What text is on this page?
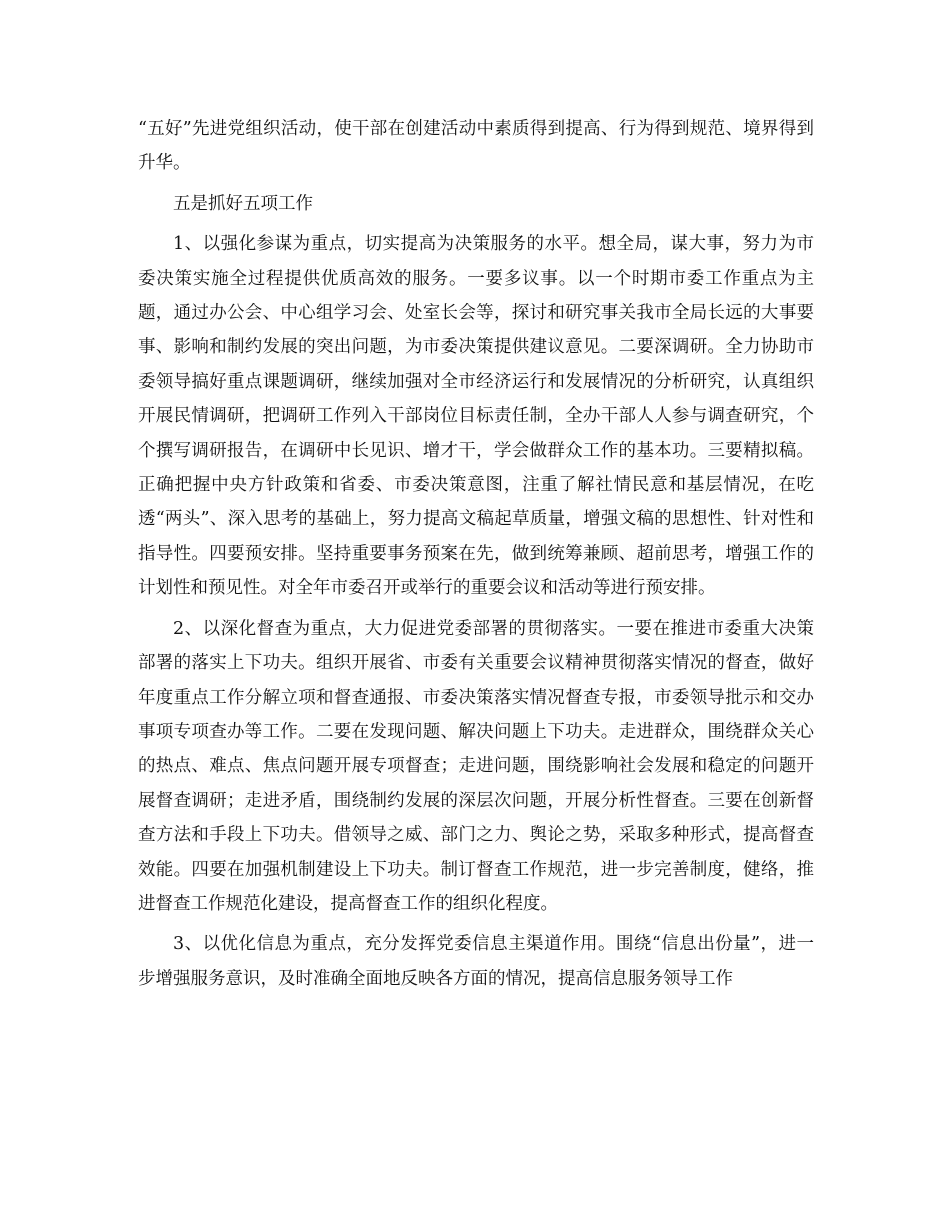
“五好”先进党组织活动，使干部在创建活动中素质得到提高、行为得到规范、境界得到升华。

五是抓好五项工作

1、以强化参谋为重点，切实提高为决策服务的水平。想全局，谋大事，努力为市委决策实施全过程提供优质高效的服务。一要多议事。以一个时期市委工作重点为主题，通过办公会、中心组学习会、处室长会等，探讨和研究事关我市全局长远的大事要事、影响和制约发展的突出问题，为市委决策提供建议意见。二要深调研。全力协助市委领导搞好重点课题调研，继续加强对全市经济运行和发展情况的分析研究，认真组织开展民情调研，把调研工作列入干部岗位目标责任制，全办干部人人参与调查研究，个个撰写调研报告，在调研中长见识、增才干，学会做群众工作的基本功。三要精拟稿。正确把握中央方针政策和省委、市委决策意图，注重了解社情民意和基层情况，在吃透“两头”、深入思考的基础上，努力提高文稿起草质量，增强文稿的思想性、针对性和指导性。四要预安排。坚持重要事务预案在先，做到统筹兼顾、超前思考，增强工作的计划性和预见性。对全年市委召开或举行的重要会议和活动等进行预安排。

2、以深化督查为重点，大力促进党委部署的贯彻落实。一要在推进市委重大决策部署的落实上下功夫。组织开展省、市委有关重要会议精神贯彻落实情况的督查，做好年度重点工作分解立项和督查通报、市委决策落实情况督查专报，市委领导批示和交办事项专项查办等工作。二要在发现问题、解决问题上下功夫。走进群众，围绕群众关心的热点、难点、焦点问题开展专项督查；走进问题，围绕影响社会发展和稳定的问题开展督查调研；走进矛盾，围绕制约发展的深层次问题，开展分析性督查。三要在创新督查方法和手段上下功夫。借领导之威、部门之力、舆论之势，采取多种形式，提高督查效能。四要在加强机制建设上下功夫。制订督查工作规范，进一步完善制度，健络，推进督查工作规范化建设，提高督查工作的组织化程度。

3、以优化信息为重点，充分发挥党委信息主渠道作用。围绕“信息出份量”，进一步增强服务意识，及时准确全面地反映各方面的情况，提高信息服务领导工作
